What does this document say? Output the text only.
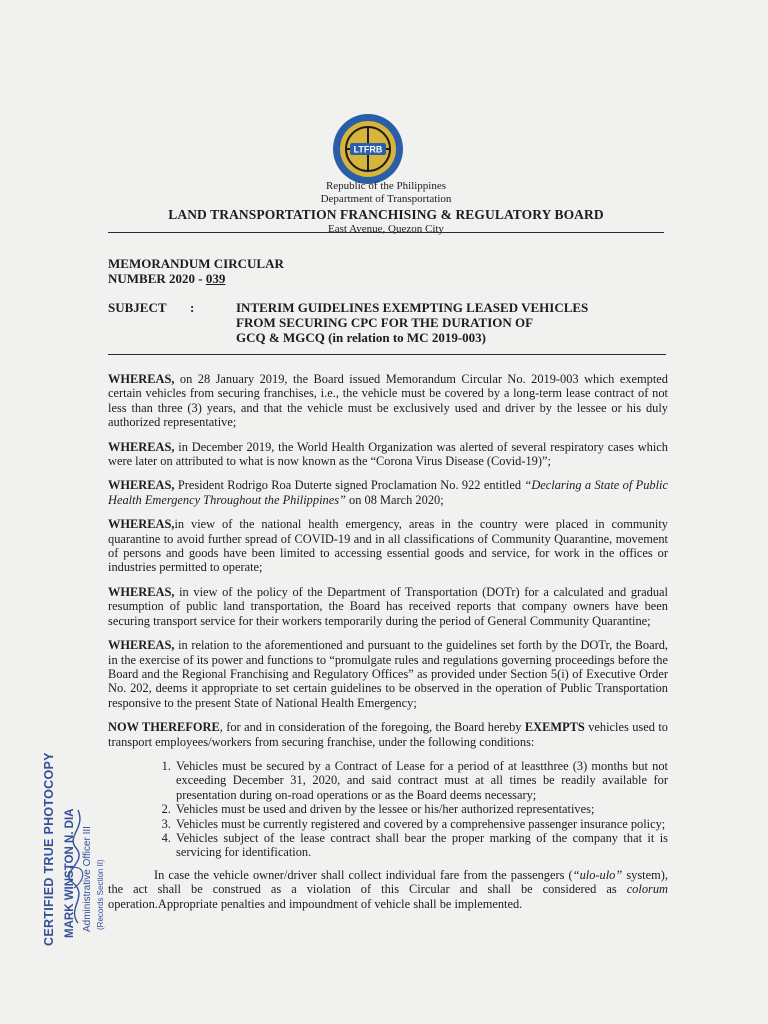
LTFRB
Republic of the Philippines
Department of Transportation
LAND TRANSPORTATION FRANCHISING & REGULATORY BOARD
East Avenue, Quezon City
MEMORANDUM CIRCULAR
NUMBER 2020 - 039
SUBJECT :	INTERIM GUIDELINES EXEMPTING LEASED VEHICLES
FROM SECURING CPC FOR THE DURATION OF
GCQ & MGCQ (in relation to MC 2019-003)

WHEREAS, on 28 January 2019, the Board issued Memorandum Circular No. 2019-003 which exempted certain vehicles from securing franchises, i.e., the vehicle must be covered by a long-term lease contract of not less than three (3) years, and that the vehicle must be exclusively used and driver by the lessee or his duly authorized representative;

WHEREAS, in December 2019, the World Health Organization was alerted of several respiratory cases which were later on attributed to what is now known as the “Corona Virus Disease (Covid-19)”;

WHEREAS, President Rodrigo Roa Duterte signed Proclamation No. 922 entitled “Declaring a State of Public Health Emergency Throughout the Philippines” on 08 March 2020;

WHEREAS,in view of the national health emergency, areas in the country were placed in community quarantine to avoid further spread of COVID-19 and in all classifications of Community Quarantine, movement of persons and goods have been limited to accessing essential goods and service, for work in the offices or industries permitted to operate;

WHEREAS, in view of the policy of the Department of Transportation (DOTr) for a calculated and gradual resumption of public land transportation, the Board has received reports that company owners have been securing transport service for their workers temporarily during the period of General Community Quarantine;

WHEREAS, in relation to the aforementioned and pursuant to the guidelines set forth by the DOTr, the Board, in the exercise of its power and functions to “promulgate rules and regulations governing proceedings before the Board and the Regional Franchising and Regulatory Offices” as provided under Section 5(i) of Executive Order No. 202, deems it appropriate to set certain guidelines to be observed in the operation of Public Transportation responsive to the present State of National Health Emergency;

NOW THEREFORE, for and in consideration of the foregoing, the Board hereby EXEMPTS vehicles used to transport employees/workers from securing franchise, under the following conditions:

1. Vehicles must be secured by a Contract of Lease for a period of at leastthree (3) months but not exceeding December 31, 2020, and said contract must at all times be readily available for presentation during on-road operations or as the Board deems necessary;
2. Vehicles must be used and driven by the lessee or his/her authorized representatives;
3. Vehicles must be currently registered and covered by a comprehensive passenger insurance policy;
4. Vehicles subject of the lease contract shall bear the proper marking of the company that it is servicing for identification.

In case the vehicle owner/driver shall collect individual fare from the passengers (“ulo-ulo” system), the act shall be construed as a violation of this Circular and shall be considered as colorum operation.Appropriate penalties and impoundment of vehicle shall be implemented.

CERTIFIED TRUE PHOTOCOPY MARK WINSTON N. DIA Administrative Officer III (Records Section II)
